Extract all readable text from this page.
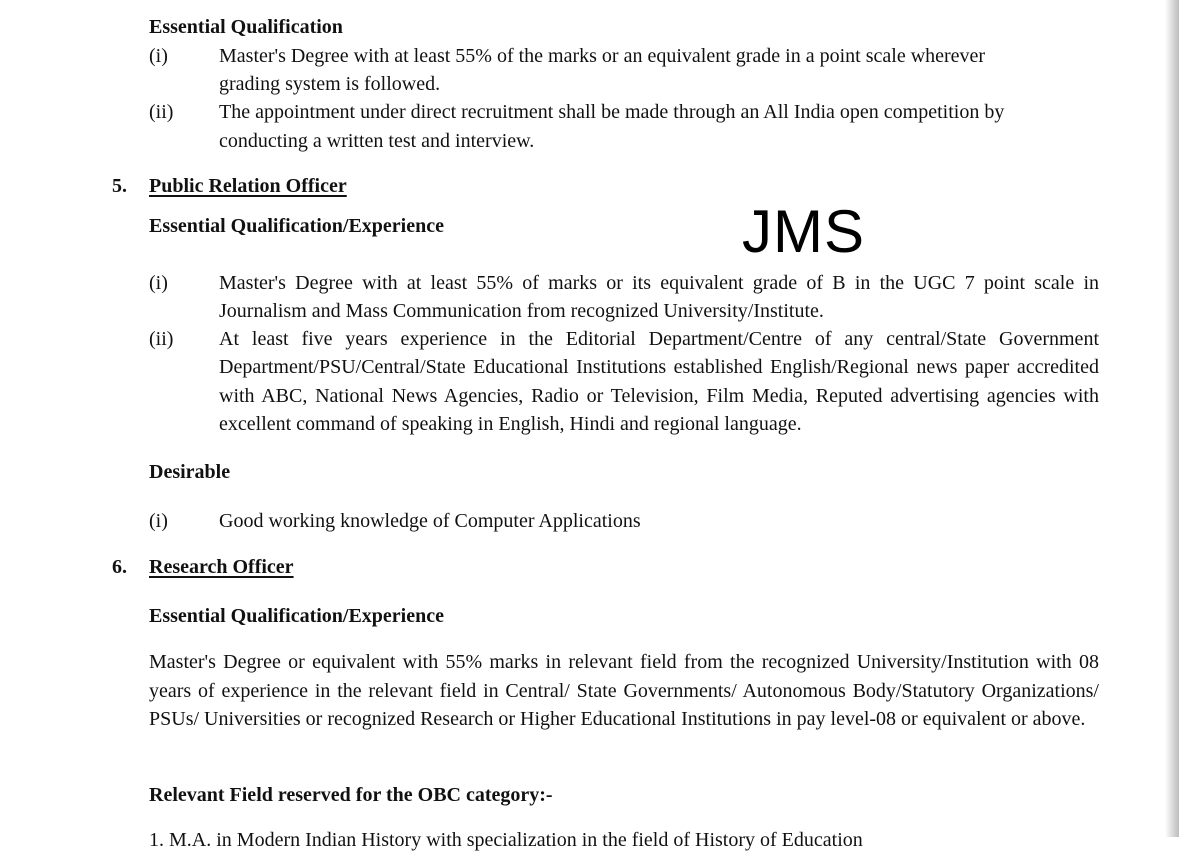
Essential Qualification
(i)	Master's Degree with at least 55% of the marks or an equivalent grade in a point scale wherever
grading system is followed.
(ii) The appointment under direct recruitment shall be made through an All India open competition by
conducting a written test and interview.
5. Public Relation Officer
Essential Qualification/Experience	JMS
(i)	Master's Degree with at least 55% of marks or its equivalent grade of B in the UGC 7 point scale in Journalism and Mass Communication from recognized University/Institute.
(ii) At least five years experience in the Editorial Department/Centre of any central/State Government Department/PSU/Central/State Educational Institutions established English/Regional news paper accredited with ABC, National News Agencies, Radio or Television, Film Media, Reputed advertising agencies with excellent command of speaking in English, Hindi and regional language.
Desirable
(i)	Good working knowledge of Computer Applications
6. Research Officer
Essential Qualification/Experience
Master's Degree or equivalent with 55% marks in relevant field from the recognized University/Institution with 08 years of experience in the relevant field in Central/ State Governments/ Autonomous Body/Statutory Organizations/ PSUs/ Universities or recognized Research or Higher Educational Institutions in pay level-08 or equivalent or above.
Relevant Field reserved for the OBC category:-
1. M.A. in Modern Indian History with specialization in the field of History of Education
